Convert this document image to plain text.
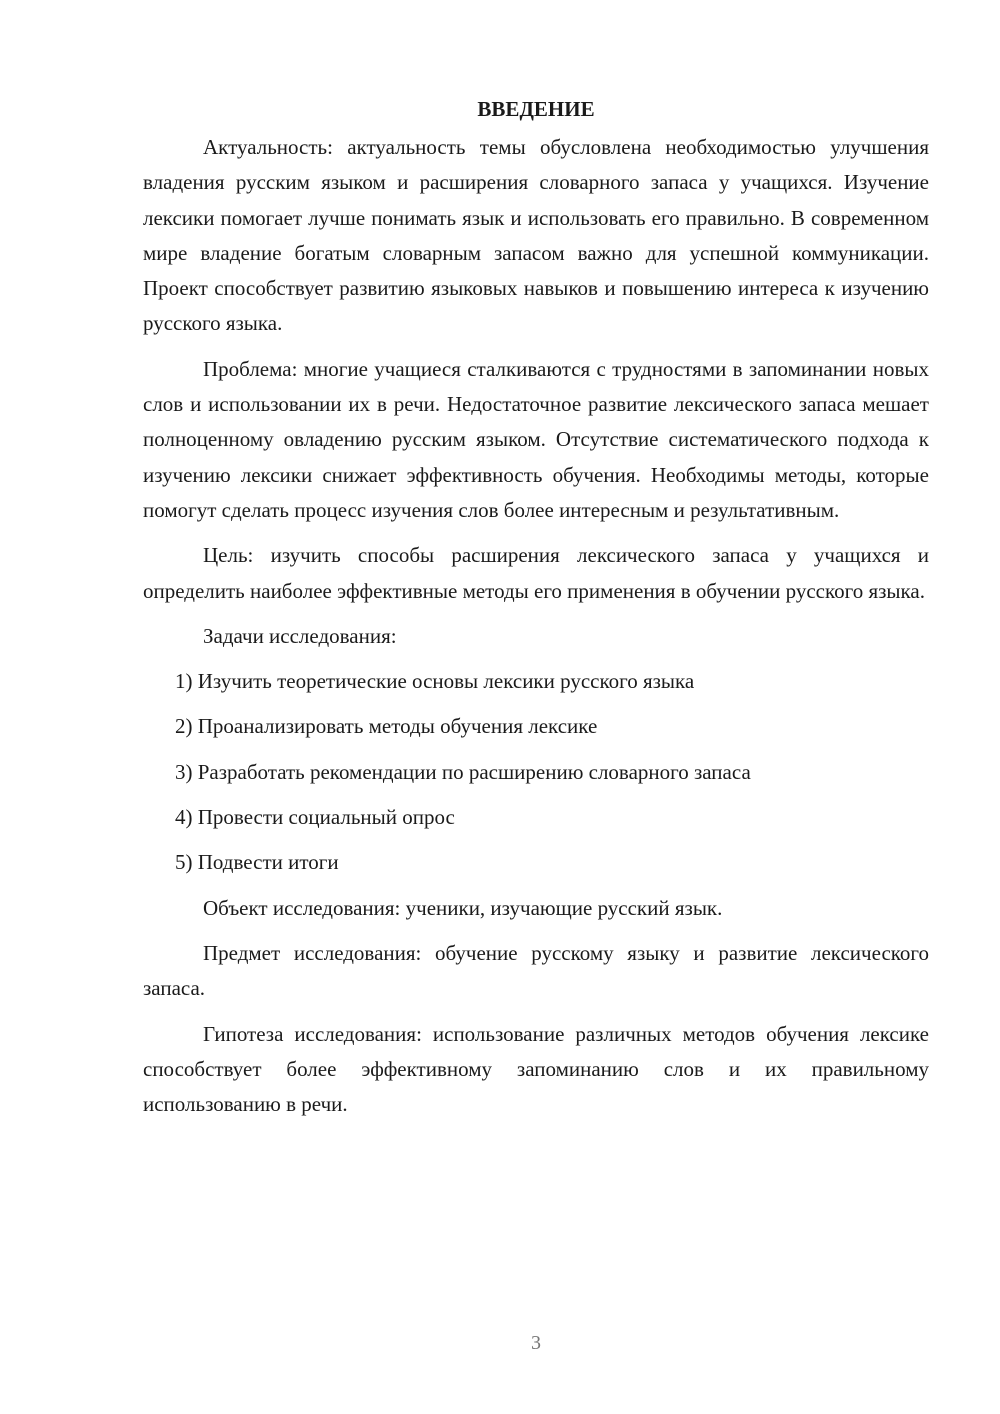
ВВЕДЕНИЕ

Актуальность: актуальность темы обусловлена необходимостью улучшения владения русским языком и расширения словарного запаса у учащихся. Изучение лексики помогает лучше понимать язык и использовать его правильно. В современном мире владение богатым словарным запасом важно для успешной коммуникации. Проект способствует развитию языковых навыков и повышению интереса к изучению русского языка.

Проблема: многие учащиеся сталкиваются с трудностями в запоминании новых слов и использовании их в речи. Недостаточное развитие лексического запаса мешает полноценному овладению русским языком. Отсутствие систематического подхода к изучению лексики снижает эффективность обучения. Необходимы методы, которые помогут сделать процесс изучения слов более интересным и результативным.

Цель: изучить способы расширения лексического запаса у учащихся и определить наиболее эффективные методы его применения в обучении русского языка.

Задачи исследования:

1) Изучить теоретические основы лексики русского языка
2) Проанализировать методы обучения лексике
3) Разработать рекомендации по расширению словарного запаса
4) Провести социальный опрос
5) Подвести итоги

Объект исследования: ученики, изучающие русский язык.

Предмет исследования: обучение русскому языку и развитие лексического запаса.

Гипотеза исследования: использование различных методов обучения лексике способствует более эффективному запоминанию слов и их правильному использованию в речи.

3
